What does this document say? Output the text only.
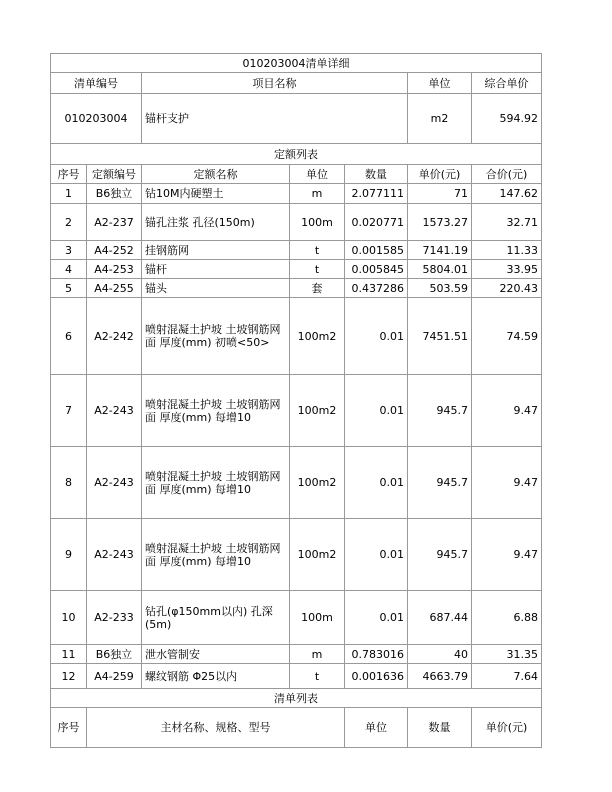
010203004清单详细							
清单编号		项目名称			单位	综合单价	
010203004		锚杆支护			m2	594.92	
定额列表							
序号	定额编号	定额名称	单位	数量	单价(元)	合价(元)	
1	B6独立	钻10M内硬塑土	m	2.077111	71	147.62	
2	A2-237	锚孔注浆 孔径(150m)	100m	0.020771	1573.27	32.71	
3	A4-252	挂钢筋网	t	0.001585	7141.19	11.33	
4	A4-253	锚杆	t	0.005845	5804.01	33.95	
5	A4-255	锚头	套	0.437286	503.59	220.43	
6	A2-242	喷射混凝土护坡 土坡钢筋网面 厚度(mm) 初喷<50>	100m2	0.01	7451.51	74.59	
7	A2-243	喷射混凝土护坡 土坡钢筋网面 厚度(mm) 每增10	100m2	0.01	945.7	9.47	
8	A2-243	喷射混凝土护坡 土坡钢筋网面 厚度(mm) 每增10	100m2	0.01	945.7	9.47	
9	A2-243	喷射混凝土护坡 土坡钢筋网面 厚度(mm) 每增10	100m2	0.01	945.7	9.47	
10	A2-233	钻孔(φ150mm以内) 孔深(5m)	100m	0.01	687.44	6.88	
11	B6独立	泄水管制安	m	0.783016	40	31.35	
12	A4-259	螺纹钢筋 Φ25以内	t	0.001636	4663.79	7.64	
清单列表							
序号	主材名称、规格、型号			单位	数量	单价(元)	
